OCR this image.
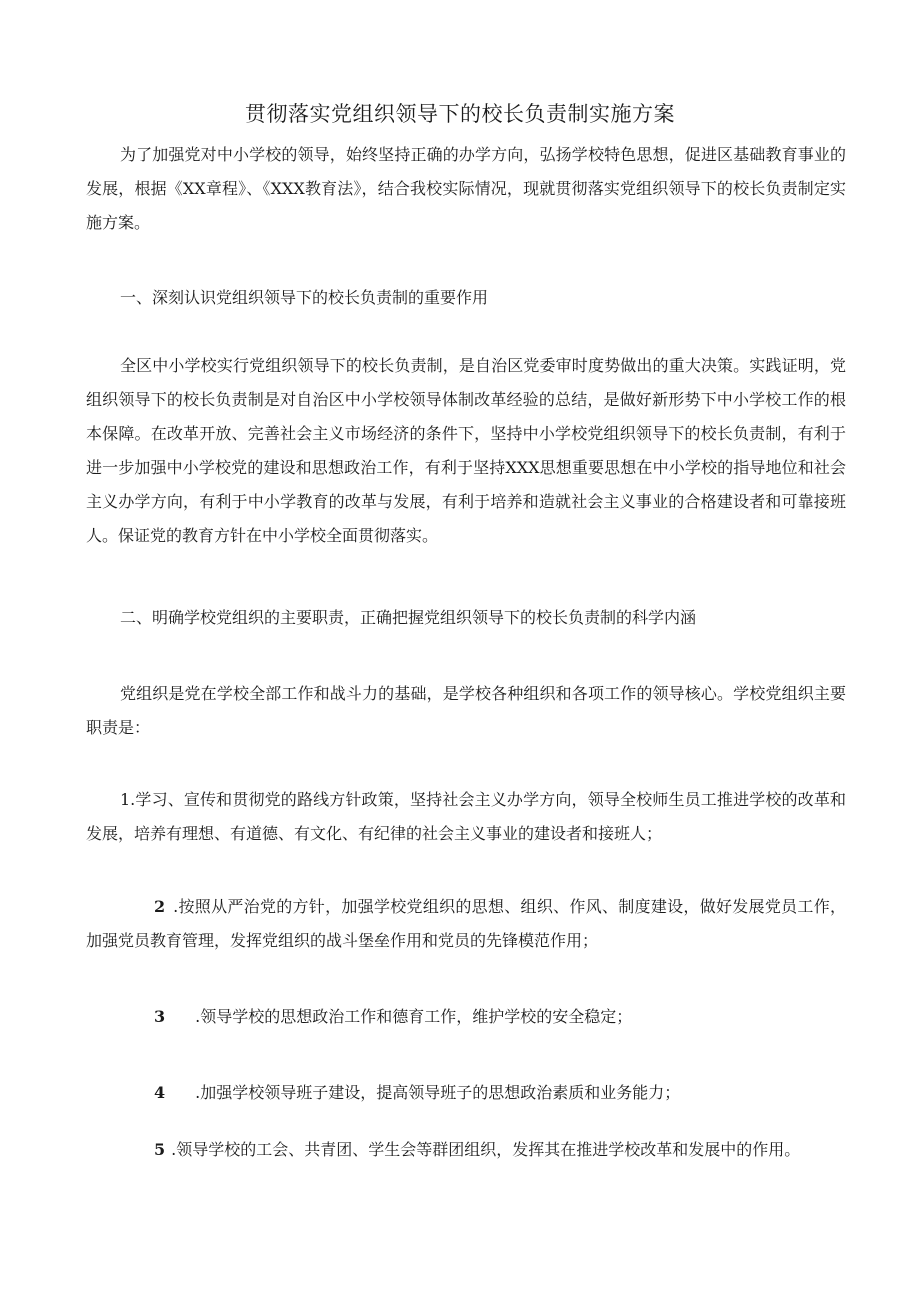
贯彻落实党组织领导下的校长负责制实施方案
为了加强党对中小学校的领导，始终坚持正确的办学方向，弘扬学校特色思想，促进区基础教育事业的发展，根据《XX章程》、《XXX教育法》，结合我校实际情况，现就贯彻落实党组织领导下的校长负责制定实施方案。
一、深刻认识党组织领导下的校长负责制的重要作用
全区中小学校实行党组织领导下的校长负责制，是自治区党委审时度势做出的重大决策。实践证明，党组织领导下的校长负责制是对自治区中小学校领导体制改革经验的总结，是做好新形势下中小学校工作的根本保障。在改革开放、完善社会主义市场经济的条件下，坚持中小学校党组织领导下的校长负责制，有利于进一步加强中小学校党的建设和思想政治工作，有利于坚持XXX思想重要思想在中小学校的指导地位和社会主义办学方向，有利于中小学教育的改革与发展，有利于培养和造就社会主义事业的合格建设者和可靠接班人。保证党的教育方针在中小学校全面贯彻落实。
二、明确学校党组织的主要职责，正确把握党组织领导下的校长负责制的科学内涵
党组织是党在学校全部工作和战斗力的基础，是学校各种组织和各项工作的领导核心。学校党组织主要职责是：
1.学习、宣传和贯彻党的路线方针政策，坚持社会主义办学方向，领导全校师生员工推进学校的改革和发展，培养有理想、有道德、有文化、有纪律的社会主义事业的建设者和接班人；
2 .按照从严治党的方针，加强学校党组织的思想、组织、作风、制度建设，做好发展党员工作，加强党员教育管理，发挥党组织的战斗堡垒作用和党员的先锋模范作用；
3 .领导学校的思想政治工作和德育工作，维护学校的安全稳定；
4 .加强学校领导班子建设，提高领导班子的思想政治素质和业务能力；
5 .领导学校的工会、共青团、学生会等群团组织，发挥其在推进学校改革和发展中的作用。
